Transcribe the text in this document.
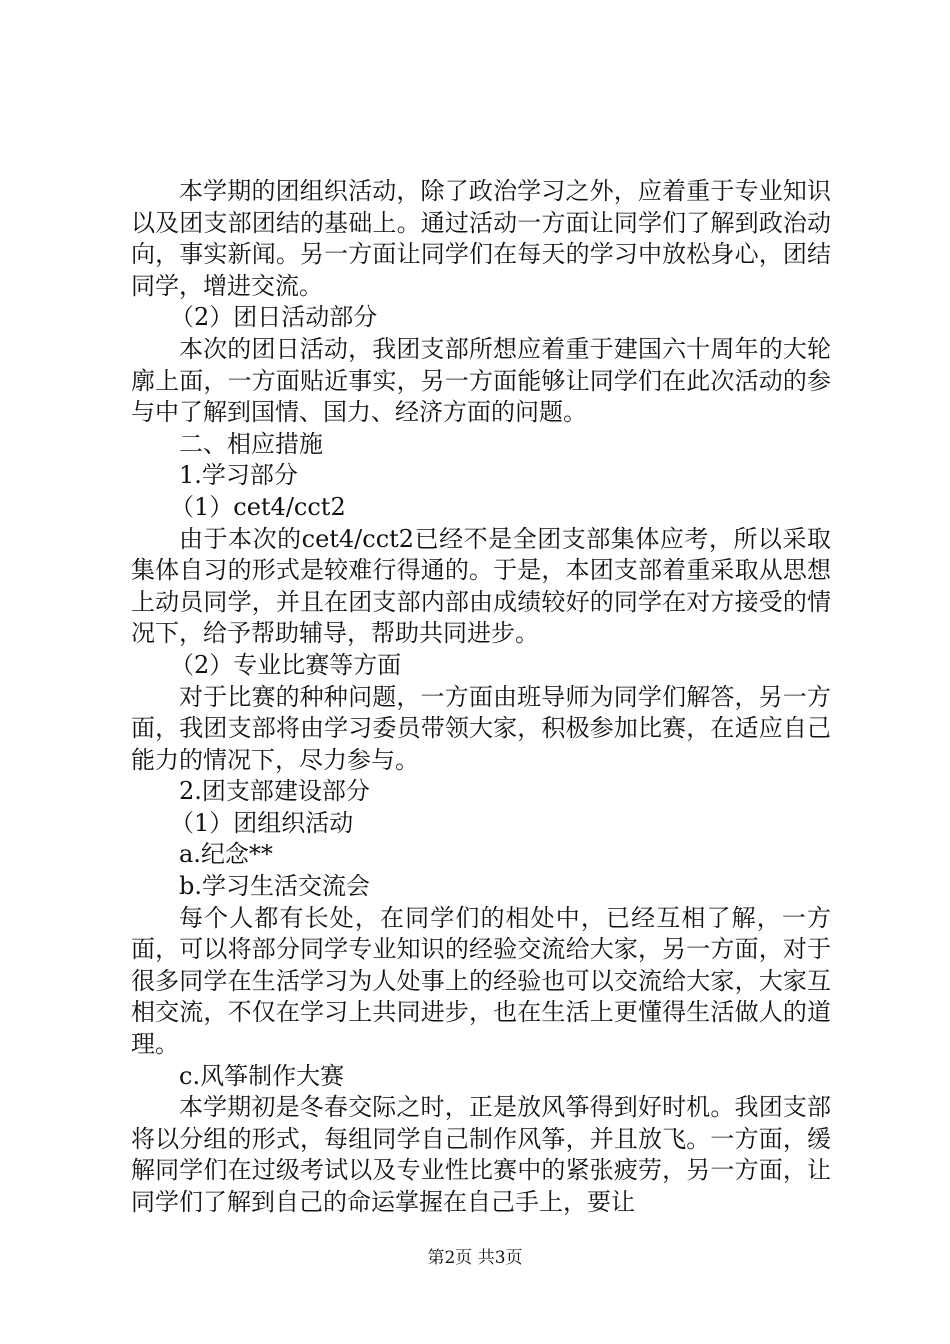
本学期的团组织活动，除了政治学习之外，应着重于专业知识以及团支部团结的基础上。通过活动一方面让同学们了解到政治动向，事实新闻。另一方面让同学们在每天的学习中放松身心，团结同学，增进交流。

（2）团日活动部分

本次的团日活动，我团支部所想应着重于建国六十周年的大轮廓上面，一方面贴近事实，另一方面能够让同学们在此次活动的参与中了解到国情、国力、经济方面的问题。

二、相应措施

1.学习部分

（1）cet4/cct2

由于本次的cet4/cct2已经不是全团支部集体应考，所以采取集体自习的形式是较难行得通的。于是，本团支部着重采取从思想上动员同学，并且在团支部内部由成绩较好的同学在对方接受的情况下，给予帮助辅导，帮助共同进步。

（2）专业比赛等方面

对于比赛的种种问题，一方面由班导师为同学们解答，另一方面，我团支部将由学习委员带领大家，积极参加比赛，在适应自己能力的情况下，尽力参与。

2.团支部建设部分

（1）团组织活动

a.纪念**

b.学习生活交流会

每个人都有长处，在同学们的相处中，已经互相了解，一方面，可以将部分同学专业知识的经验交流给大家，另一方面，对于很多同学在生活学习为人处事上的经验也可以交流给大家，大家互相交流，不仅在学习上共同进步，也在生活上更懂得生活做人的道理。

c.风筝制作大赛

本学期初是冬春交际之时，正是放风筝得到好时机。我团支部将以分组的形式，每组同学自己制作风筝，并且放飞。一方面，缓解同学们在过级考试以及专业性比赛中的紧张疲劳，另一方面，让同学们了解到自己的命运掌握在自己手上，要让

第2页 共3页
